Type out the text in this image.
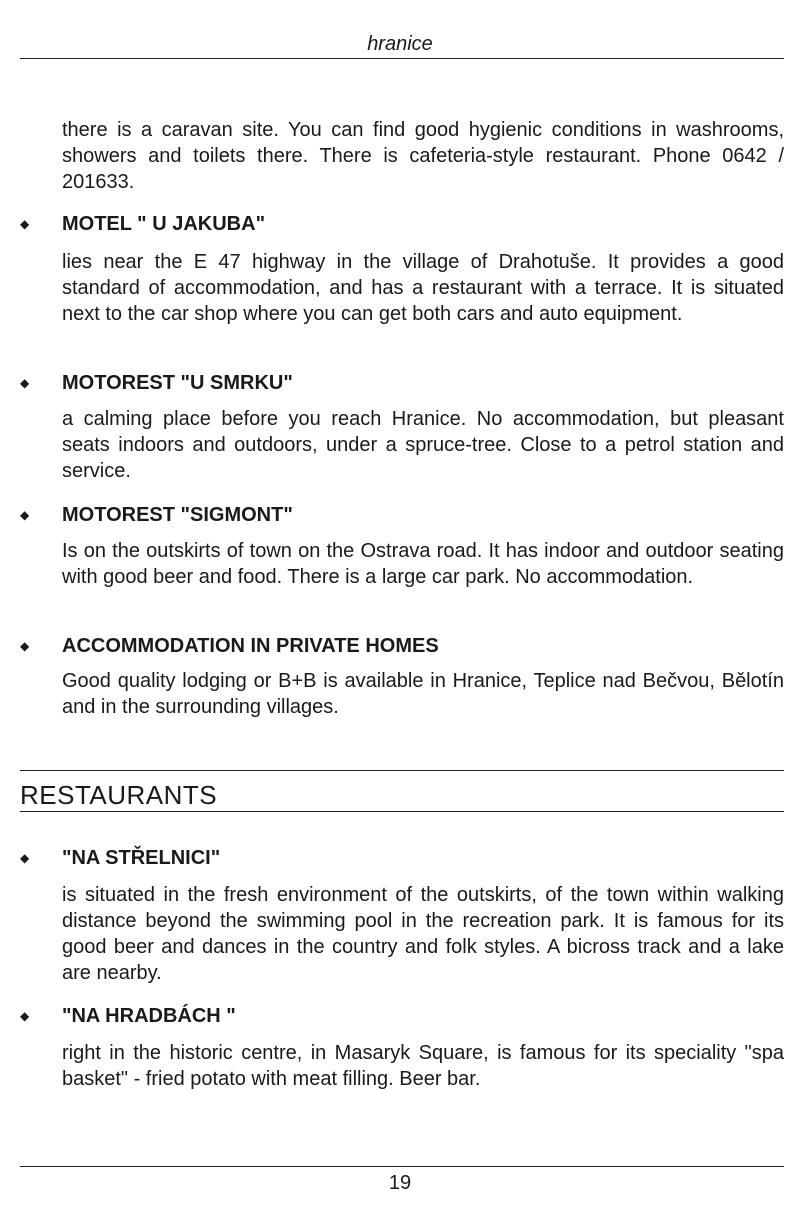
hranice
there is a caravan site. You can find good hygienic conditions in washrooms, showers and toilets there. There is cafeteria-style restaurant. Phone 0642 / 201633.
◆ MOTEL " U JAKUBA"
lies near the E 47 highway in the village of Drahotuše. It provides a good standard of accommodation, and has a restaurant with a terrace. It is situated next to the car shop where you can get both cars and auto equipment.
◆ MOTOREST "U SMRKU"
a calming place before you reach Hranice. No accommodation, but pleasant seats indoors and outdoors, under a spruce-tree. Close to a petrol station and service.
◆ MOTOREST "SIGMONT"
Is on the outskirts of town on the Ostrava road. It has indoor and outdoor seating with good beer and food. There is a large car park. No accommodation.
◆ ACCOMMODATION IN PRIVATE HOMES
Good quality lodging or B+B is available in Hranice, Teplice nad Bečvou, Bělotín and in the surrounding villages.
RESTAURANTS
◆ "NA STŘELNICI"
is situated in the fresh environment of the outskirts, of the town within walking distance beyond the swimming pool in the recreation park. It is famous for its good beer and dances in the country and folk styles. A bicross track and a lake are nearby.
◆ "NA HRADBÁCH "
right in the historic centre, in Masaryk Square, is famous for its speciality "spa basket" - fried potato with meat filling. Beer bar.
19
